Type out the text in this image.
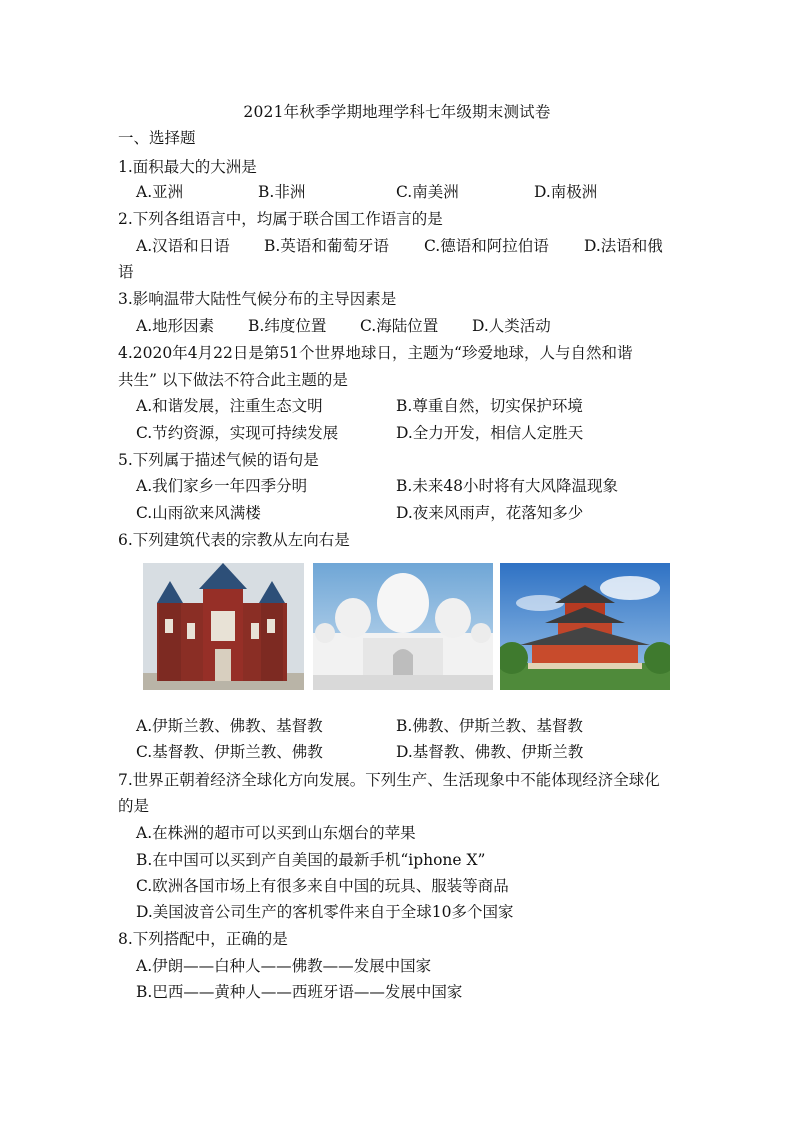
2021年秋季学期地理学科七年级期末测试卷
一、选择题
1.面积最大的大洲是
A.亚洲	B.非洲	C.南美洲	D.南极洲
2.下列各组语言中，均属于联合国工作语言的是
A.汉语和日语 B.英语和葡萄牙语 C.德语和阿拉伯语 D.法语和俄
语
3.影响温带大陆性气候分布的主导因素是
A.地形因素 B.纬度位置 C.海陆位置 D.人类活动
4.2020年4月22日是第51个世界地球日，主题为“珍爱地球，人与自然和谐
共生” 以下做法不符合此主题的是
A.和谐发展，注重生态文明	B.尊重自然，切实保护环境
C.节约资源，实现可持续发展	D.全力开发，相信人定胜天
5.下列属于描述气候的语句是
A.我们家乡一年四季分明	B.未来48小时将有大风降温现象
C.山雨欲来风满楼	D.夜来风雨声，花落知多少
6.下列建筑代表的宗教从左向右是
A.伊斯兰教、佛教、基督教	B.佛教、伊斯兰教、基督教
C.基督教、伊斯兰教、佛教	D.基督教、佛教、伊斯兰教
7.世界正朝着经济全球化方向发展。下列生产、生活现象中不能体现经济全球化
的是
A.在株洲的超市可以买到山东烟台的苹果
B.在中国可以买到产自美国的最新手机“iphone X”
C.欧洲各国市场上有很多来自中国的玩具、服装等商品
D.美国波音公司生产的客机零件来自于全球10多个国家
8.下列搭配中，正确的是
A.伊朗——白种人——佛教——发展中国家
B.巴西——黄种人——西班牙语——发展中国家
